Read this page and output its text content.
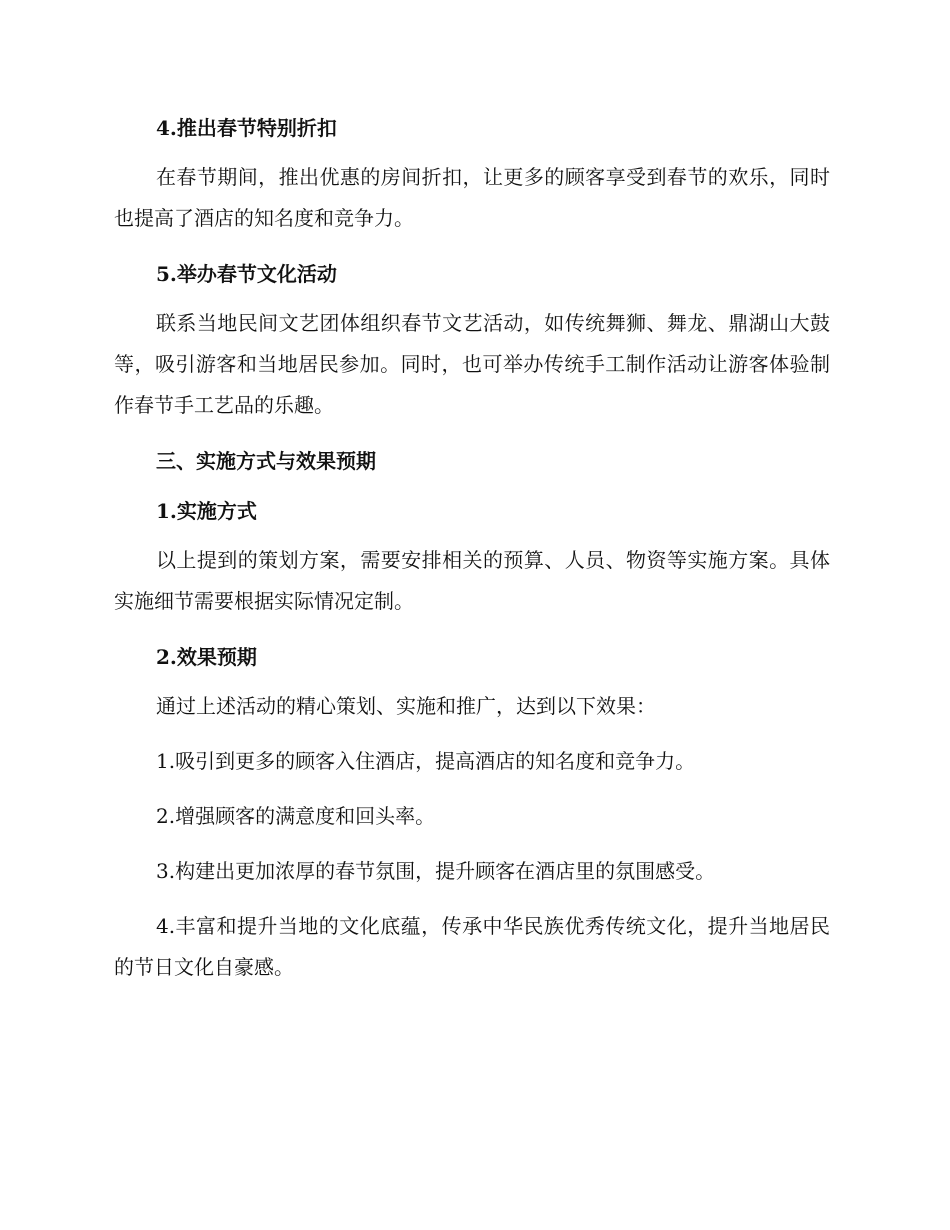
4.推出春节特别折扣

在春节期间，推出优惠的房间折扣，让更多的顾客享受到春节的欢乐，同时也提高了酒店的知名度和竞争力。

5.举办春节文化活动

联系当地民间文艺团体组织春节文艺活动，如传统舞狮、舞龙、鼎湖山大鼓等，吸引游客和当地居民参加。同时，也可举办传统手工制作活动让游客体验制作春节手工艺品的乐趣。

三、实施方式与效果预期
1.实施方式

以上提到的策划方案，需要安排相关的预算、人员、物资等实施方案。具体实施细节需要根据实际情况定制。

2.效果预期

通过上述活动的精心策划、实施和推广，达到以下效果：

1.吸引到更多的顾客入住酒店，提高酒店的知名度和竞争力。

2.增强顾客的满意度和回头率。

3.构建出更加浓厚的春节氛围，提升顾客在酒店里的氛围感受。

4.丰富和提升当地的文化底蕴，传承中华民族优秀传统文化，提升当地居民的节日文化自豪感。
